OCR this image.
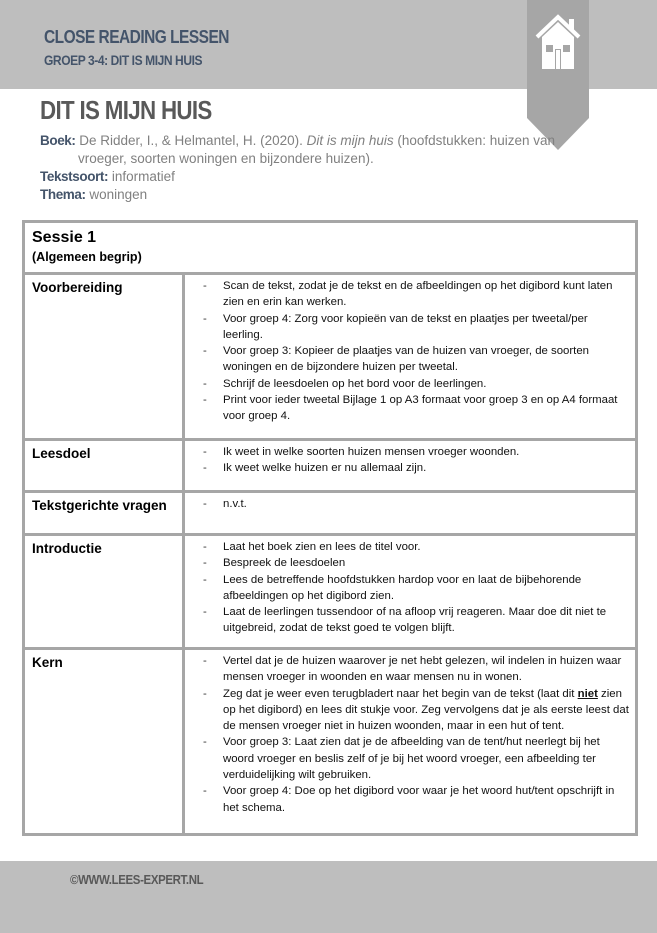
CLOSE READING LESSEN
GROEP 3-4: DIT IS MIJN HUIS
DIT IS MIJN HUIS
Boek: De Ridder, I., & Helmantel, H. (2020). Dit is mijn huis (hoofdstukken: huizen van
vroeger, soorten woningen en bijzondere huizen).
Tekstsoort: informatief
Thema: woningen
Sessie 1
(Algemeen begrip)	

Voorbereiding	
-Scan de tekst, zodat je de tekst en de afbeeldingen op het digibord kunt laten zien en erin kan werken.
- Voor groep 4: Zorg voor kopieën van de tekst en plaatjes per tweetal/per leerling.
- Voor groep 3: Kopieer de plaatjes van de huizen van vroeger, de soorten woningen en de bijzondere huizen per tweetal.
- Schrijf de leesdoelen op het bord voor de leerlingen.
- Print voor ieder tweetal Bijlage 1 op A3 formaat voor groep 3 en op A4 formaat voor groep 4.

Leesdoel	
-Ik weet in welke soorten huizen mensen vroeger woonden.
- Ik weet welke huizen er nu allemaal zijn.

Tekstgerichte vragen	
-n.v.t.

Introductie	
-Laat het boek zien en lees de titel voor.
- Bespreek de leesdoelen
- Lees de betreffende hoofdstukken hardop voor en laat de bijbehorende afbeeldingen op het digibord zien.
- Laat de leerlingen tussendoor of na afloop vrij reageren. Maar doe dit niet te uitgebreid, zodat de tekst goed te volgen blijft.

Kern	
-Vertel dat je de huizen waarover je net hebt gelezen, wil indelen in huizen waar mensen vroeger in woonden en waar mensen nu in wonen.
- Zeg dat je weer even terugbladert naar het begin van de tekst (laat dit niet zien op het digibord) en lees dit stukje voor. Zeg vervolgens dat je als eerste leest dat de mensen vroeger niet in huizen woonden, maar in een hut of tent.
- Voor groep 3: Laat zien dat je de afbeelding van de tent/hut neerlegt bij het woord vroeger en beslis zelf of je bij het woord vroeger, een afbeelding ter verduidelijking wilt gebruiken.
- Voor groep 4: Doe op het digibord voor waar je het woord hut/tent opschrijft in het schema.
©WWW.LEES-EXPERT.NL
